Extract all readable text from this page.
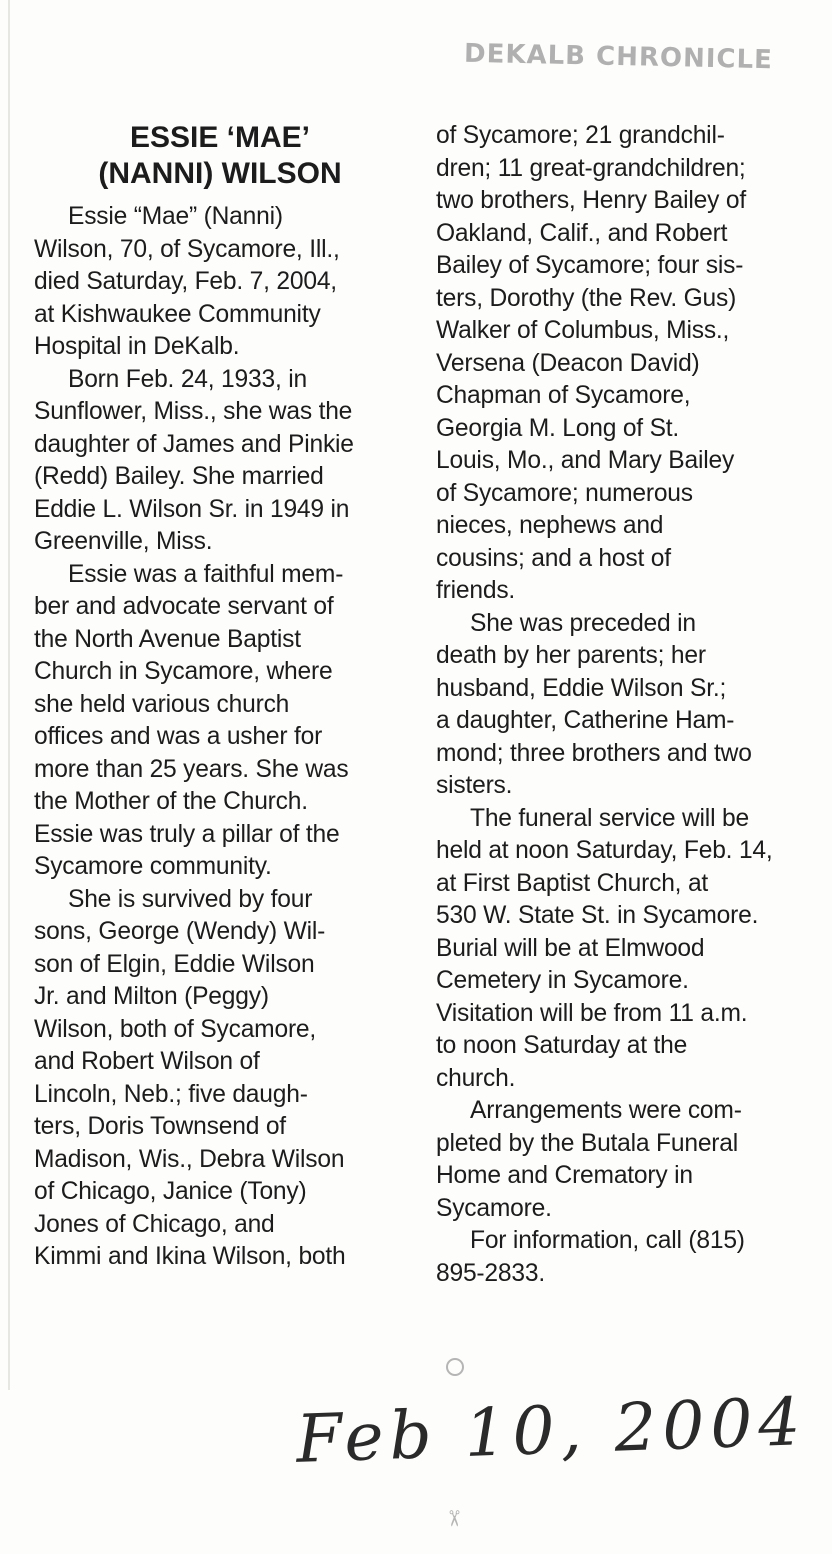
DEKALB CHRONICLE
ESSIE ‘MAE’
(NANNI) WILSON

Essie “Mae” (Nanni)
Wilson, 70, of Sycamore, Ill.,
died Saturday, Feb. 7, 2004,
at Kishwaukee Community
Hospital in DeKalb.

Born Feb. 24, 1933, in
Sunflower, Miss., she was the
daughter of James and Pinkie
(Redd) Bailey. She married
Eddie L. Wilson Sr. in 1949 in
Greenville, Miss.

Essie was a faithful mem-
ber and advocate servant of
the North Avenue Baptist
Church in Sycamore, where
she held various church
offices and was a usher for
more than 25 years. She was
the Mother of the Church.
Essie was truly a pillar of the
Sycamore community.

She is survived by four
sons, George (Wendy) Wil-
son of Elgin, Eddie Wilson
Jr. and Milton (Peggy)
Wilson, both of Sycamore,
and Robert Wilson of
Lincoln, Neb.; five daugh-
ters, Doris Townsend of
Madison, Wis., Debra Wilson
of Chicago, Janice (Tony)
Jones of Chicago, and
Kimmi and Ikina Wilson, both

of Sycamore; 21 grandchil-
dren; 11 great-grandchildren;
two brothers, Henry Bailey of
Oakland, Calif., and Robert
Bailey of Sycamore; four sis-
ters, Dorothy (the Rev. Gus)
Walker of Columbus, Miss.,
Versena (Deacon David)
Chapman of Sycamore,
Georgia M. Long of St.
Louis, Mo., and Mary Bailey
of Sycamore; numerous
nieces, nephews and
cousins; and a host of
friends.

She was preceded in
death by her parents; her
husband, Eddie Wilson Sr.;
a daughter, Catherine Ham-
mond; three brothers and two
sisters.

The funeral service will be
held at noon Saturday, Feb. 14,
at First Baptist Church, at
530 W. State St. in Sycamore.
Burial will be at Elmwood
Cemetery in Sycamore.
Visitation will be from 11 a.m.
to noon Saturday at the
church.

Arrangements were com-
pleted by the Butala Funeral
Home and Crematory in
Sycamore.

For information, call (815)
895-2833.

Feb 10, 2004
✂
